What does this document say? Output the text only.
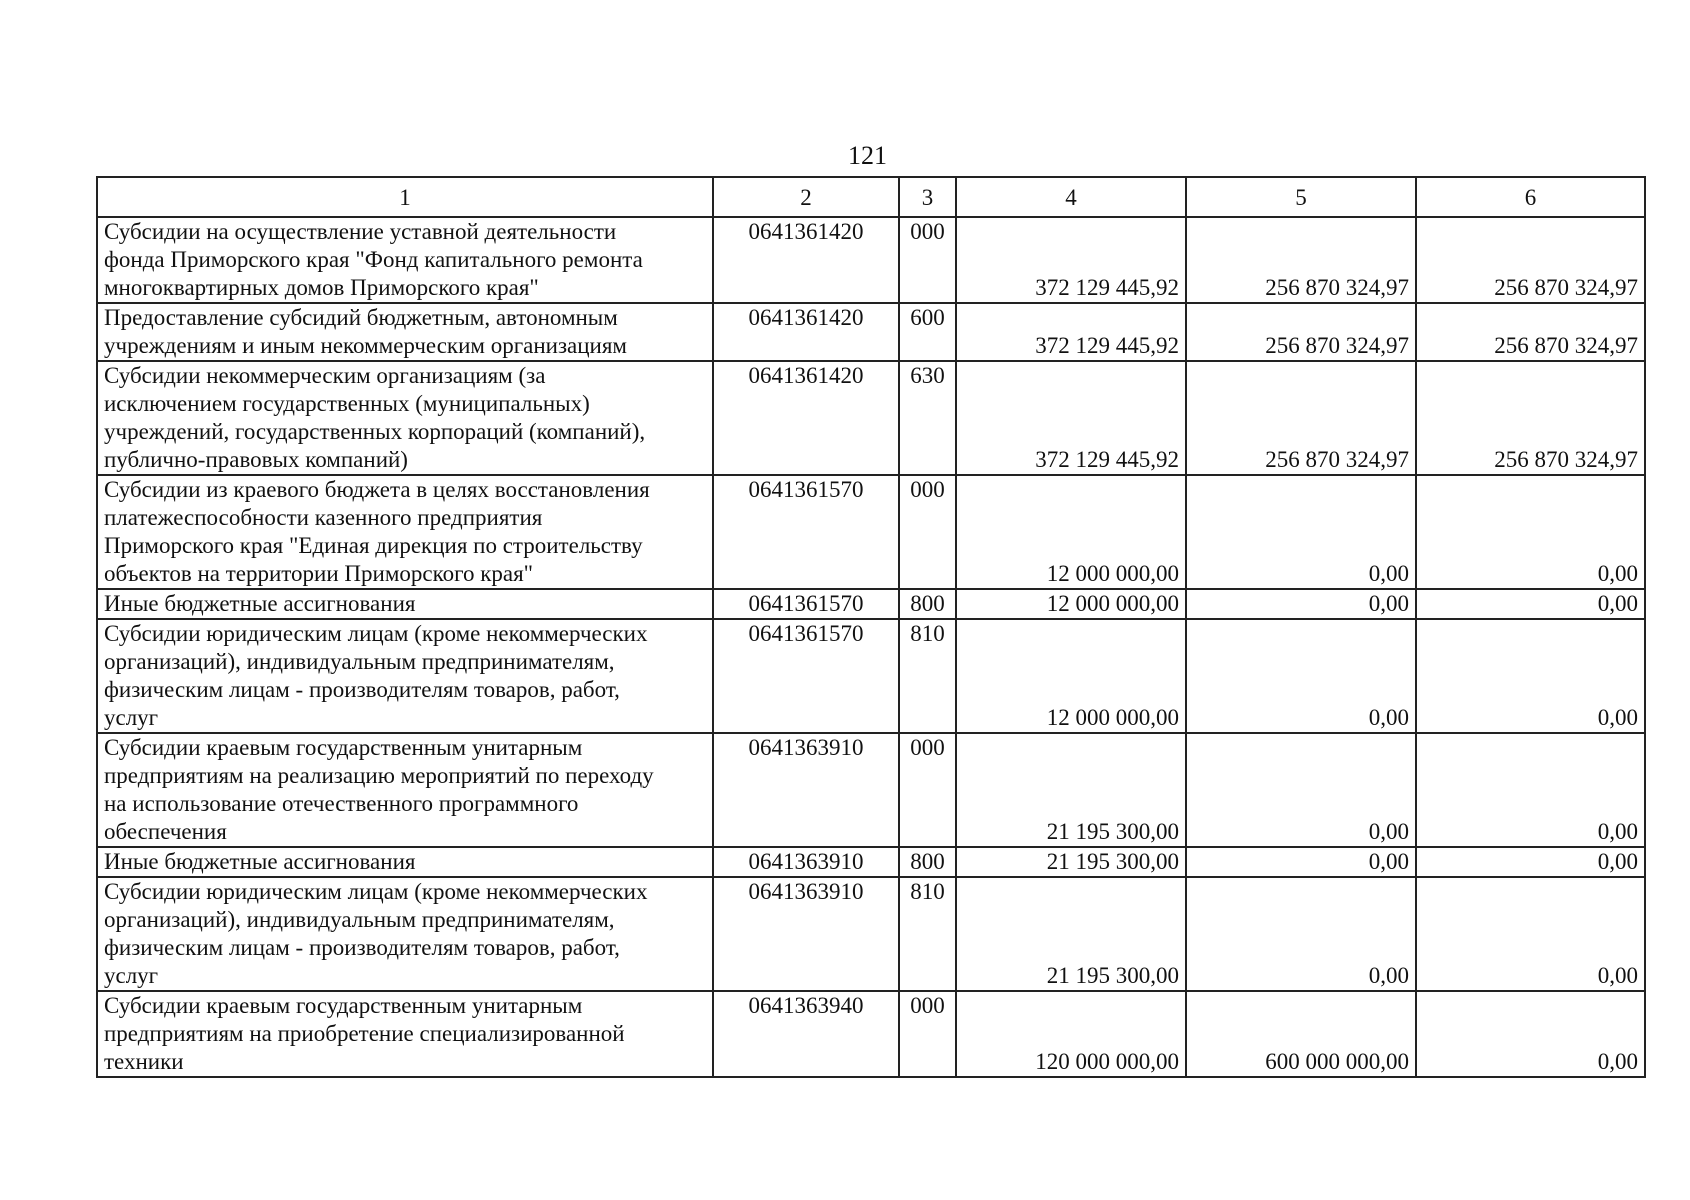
121
1	2	3	4	5	6

Субсидии на осуществление уставной деятельности
фонда Приморского края "Фонд капитального ремонта
многоквартирных домов Приморского края"	0641361420	000	372 129 445,92	256 870 324,97	256 870 324,97

Предоставление субсидий бюджетным, автономным
учреждениям и иным некоммерческим организациям	0641361420	600	372 129 445,92	256 870 324,97	256 870 324,97

Субсидии некоммерческим организациям (за
исключением государственных (муниципальных)
учреждений, государственных корпораций (компаний),
публично-правовых компаний)	0641361420	630	372 129 445,92	256 870 324,97	256 870 324,97

Субсидии из краевого бюджета в целях восстановления
платежеспособности казенного предприятия
Приморского края "Единая дирекция по строительству
объектов на территории Приморского края"	0641361570	000	12 000 000,00	0,00	0,00

Иные бюджетные ассигнования	0641361570	800	12 000 000,00	0,00	0,00

Субсидии юридическим лицам (кроме некоммерческих
организаций), индивидуальным предпринимателям,
физическим лицам - производителям товаров, работ,
услуг	0641361570	810	12 000 000,00	0,00	0,00

Субсидии краевым государственным унитарным
предприятиям на реализацию мероприятий по переходу
на использование отечественного программного
обеспечения	0641363910	000	21 195 300,00	0,00	0,00

Иные бюджетные ассигнования	0641363910	800	21 195 300,00	0,00	0,00

Субсидии юридическим лицам (кроме некоммерческих
организаций), индивидуальным предпринимателям,
физическим лицам - производителям товаров, работ,
услуг	0641363910	810	21 195 300,00	0,00	0,00

Субсидии краевым государственным унитарным
предприятиям на приобретение специализированной
техники	0641363940	000	120 000 000,00	600 000 000,00	0,00
